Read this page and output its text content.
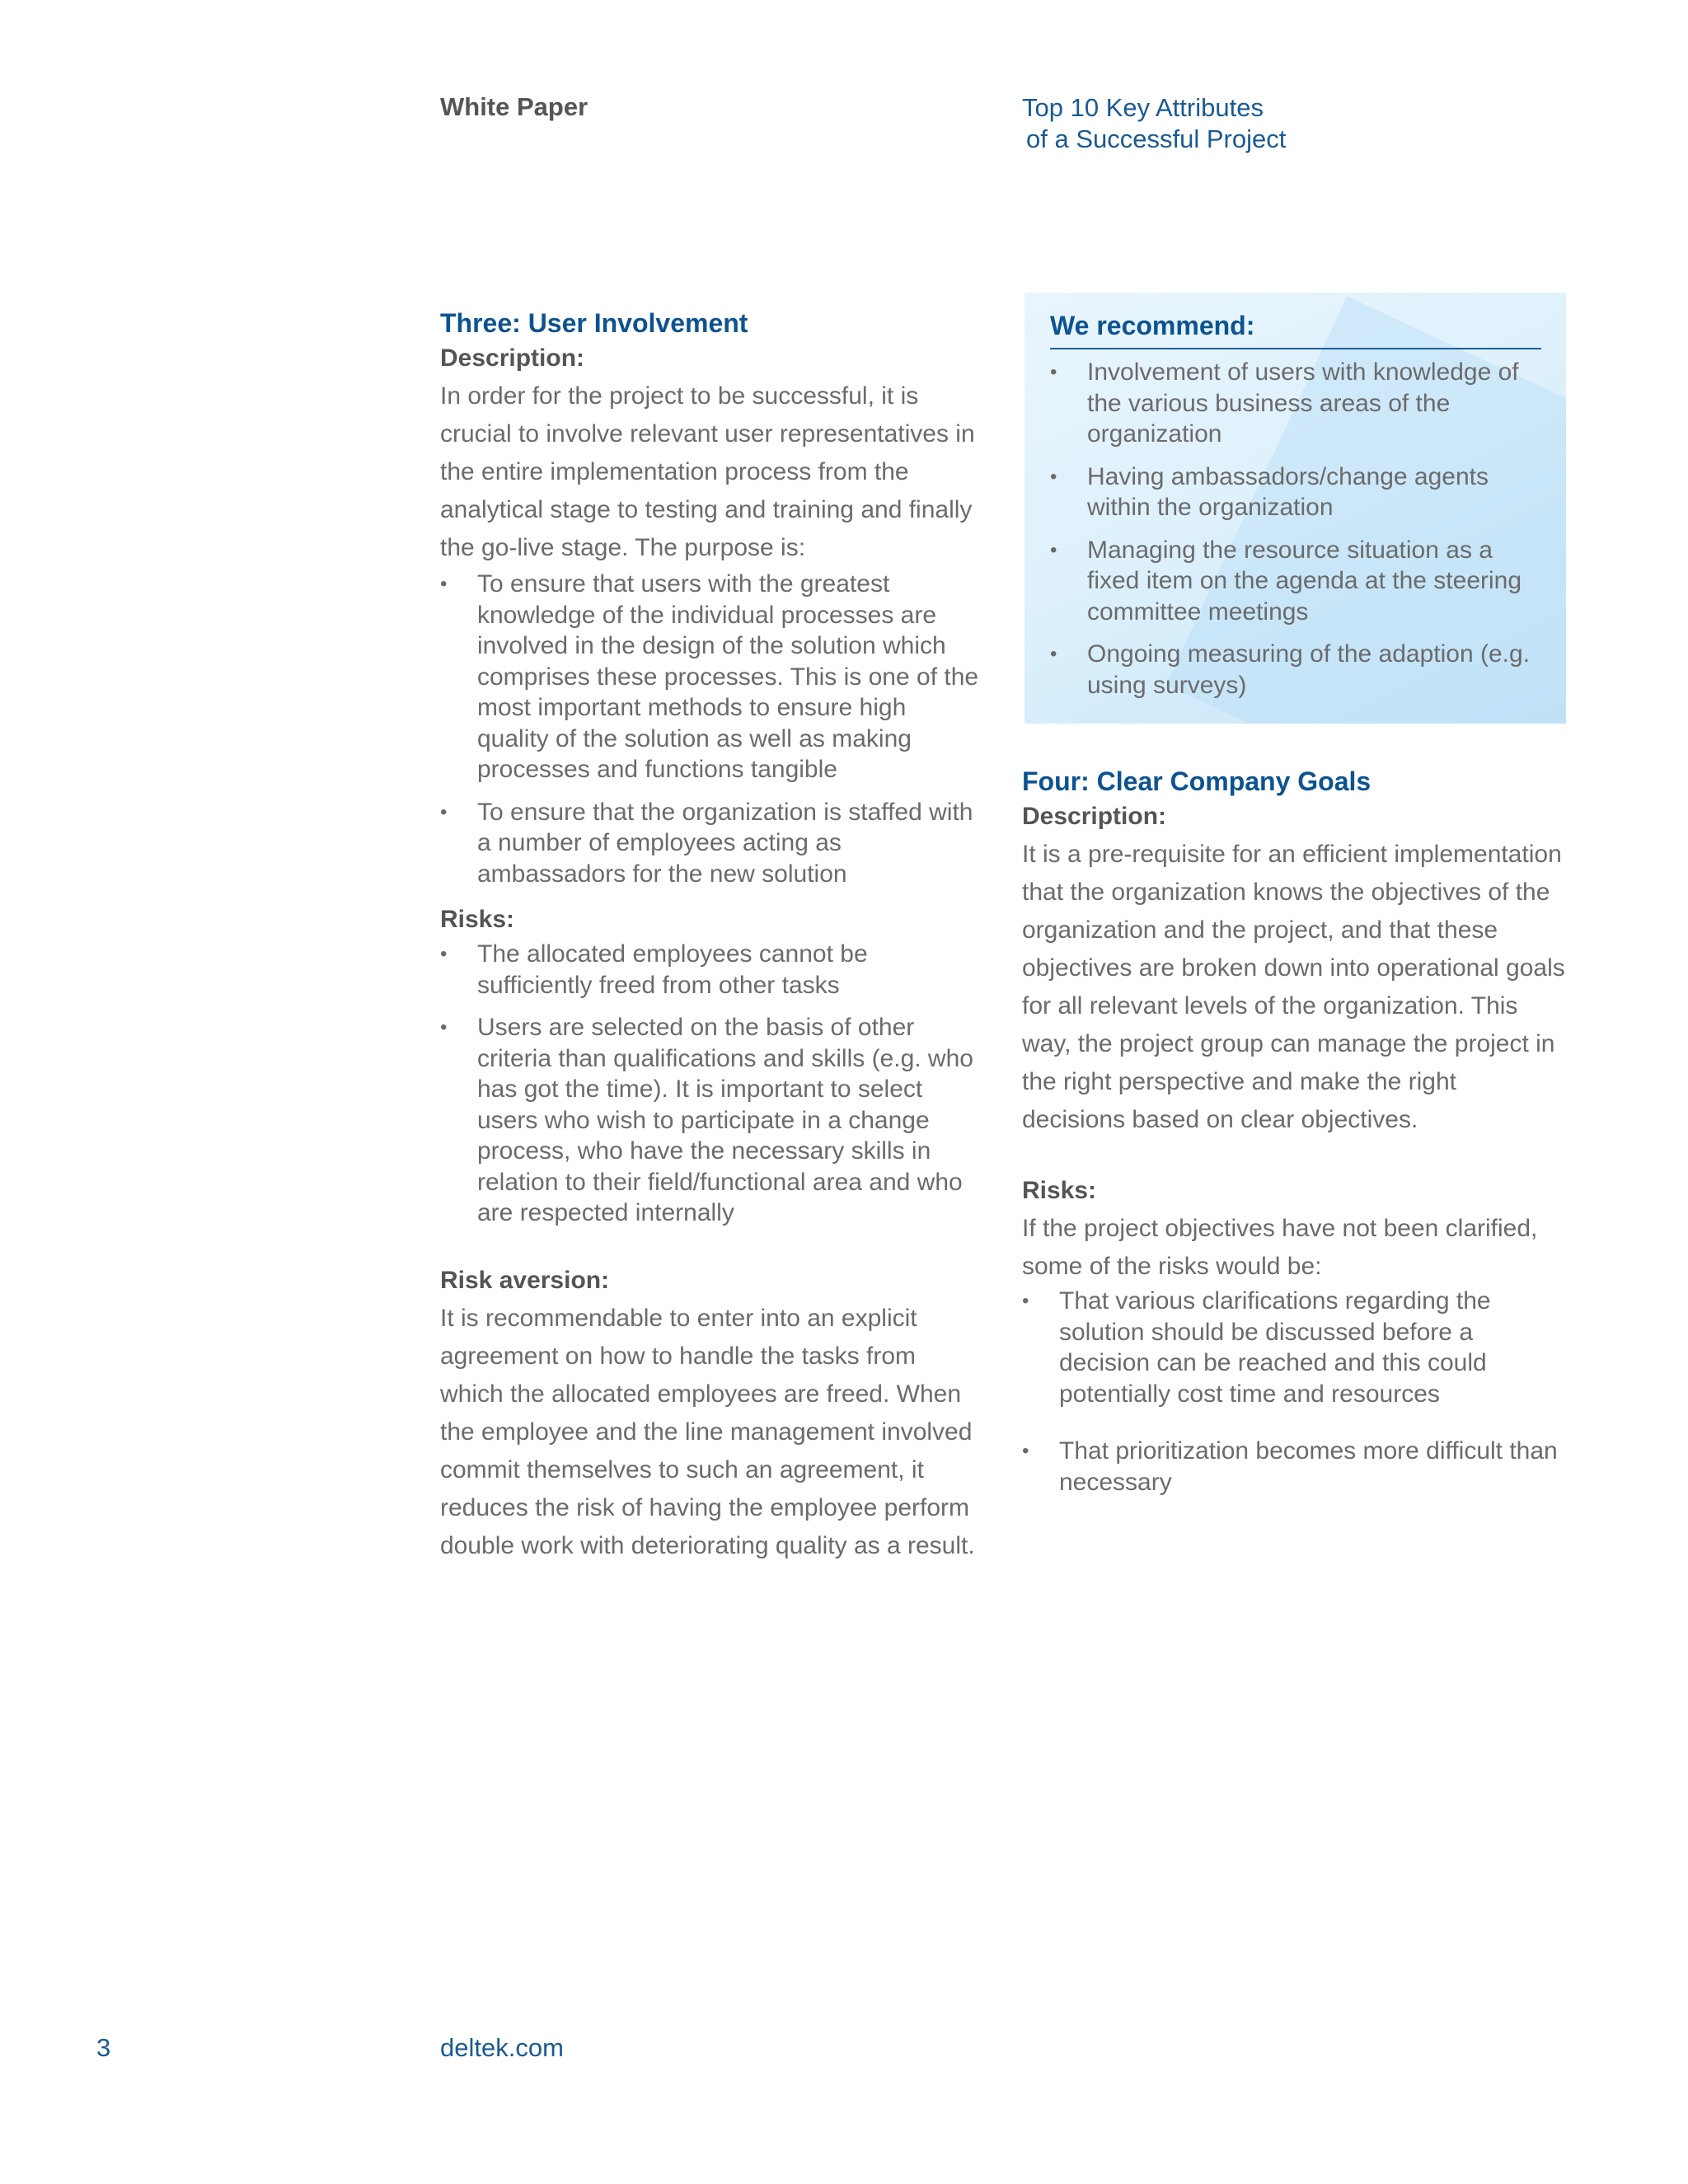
White Paper	Top 10 Key Attributes
of a Successful Project
Three: User Involvement
Description:
In order for the project to be successful, it is crucial to involve relevant user representatives in the entire implementation process from the analytical stage to testing and training and finally the go-live stage. The purpose is:
• To ensure that users with the greatest knowledge of the individual processes are involved in the design of the solution which comprises these processes. This is one of the most important methods to ensure high quality of the solution as well as making processes and functions tangible
• To ensure that the organization is staffed with a number of employees acting as ambassadors for the new solution
Risks:
• The allocated employees cannot be sufficiently freed from other tasks
• Users are selected on the basis of other criteria than qualifications and skills (e.g. who has got the time). It is important to select users who wish to participate in a change process, who have the necessary skills in relation to their field/functional area and who are respected internally
Risk aversion:
It is recommendable to enter into an explicit agreement on how to handle the tasks from which the allocated employees are freed. When the employee and the line management involved commit themselves to such an agreement, it reduces the risk of having the employee perform double work with deteriorating quality as a result.
We recommend:
• Involvement of users with knowledge of the various business areas of the organization
• Having ambassadors/change agents within the organization
• Managing the resource situation as a fixed item on the agenda at the steering committee meetings
• Ongoing measuring of the adaption (e.g. using surveys)
Four: Clear Company Goals
Description:
It is a pre-requisite for an efficient implementation that the organization knows the objectives of the organization and the project, and that these objectives are broken down into operational goals for all relevant levels of the organization. This way, the project group can manage the project in the right perspective and make the right decisions based on clear objectives.
Risks:
If the project objectives have not been clarified, some of the risks would be:
• That various clarifications regarding the solution should be discussed before a decision can be reached and this could potentially cost time and resources
• That prioritization becomes more difficult than necessary
3	deltek.com
